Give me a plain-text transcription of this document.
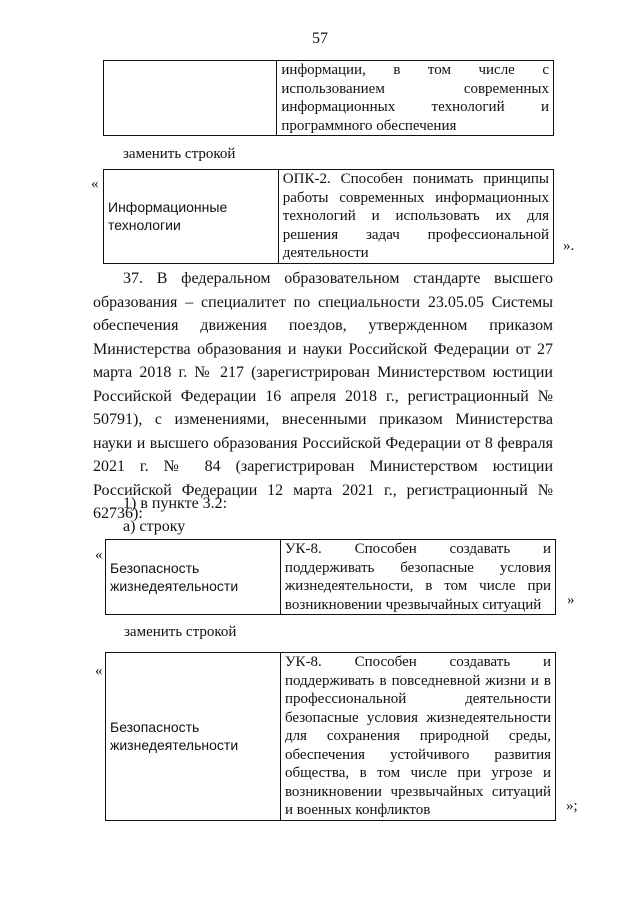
57
	информации, в том числе с использованием современных информационных технологий и программного обеспечения
заменить строкой
«
Информационные технологии	ОПК-2. Способен понимать принципы работы современных информационных технологий и использовать их для решения задач профессиональной деятельности	».
37. В федеральном образовательном стандарте высшего образования – специалитет по специальности 23.05.05 Системы обеспечения движения поездов, утвержденном приказом Министерства образования и науки Российской Федерации от 27 марта 2018 г. № 217 (зарегистрирован Министерством юстиции Российской Федерации 16 апреля 2018 г., регистрационный № 50791), с изменениями, внесенными приказом Министерства науки и высшего образования Российской Федерации от 8 февраля 2021 г. № 84 (зарегистрирован Министерством юстиции Российской Федерации 12 марта 2021 г., регистрационный № 62736):
1) в пункте 3.2:
а) строку
«
Безопасность жизнедеятельности	УК-8. Способен создавать и поддерживать безопасные условия жизнедеятельности, в том числе при возникновении чрезвычайных ситуаций »
заменить строкой
«
Безопасность жизнедеятельности	УК-8. Способен создавать и поддерживать в повседневной жизни и в профессиональной деятельности безопасные условия жизнедеятельности для сохранения природной среды, обеспечения устойчивого развития общества, в том числе при угрозе и возникновении чрезвычайных ситуаций и военных конфликтов	»;
